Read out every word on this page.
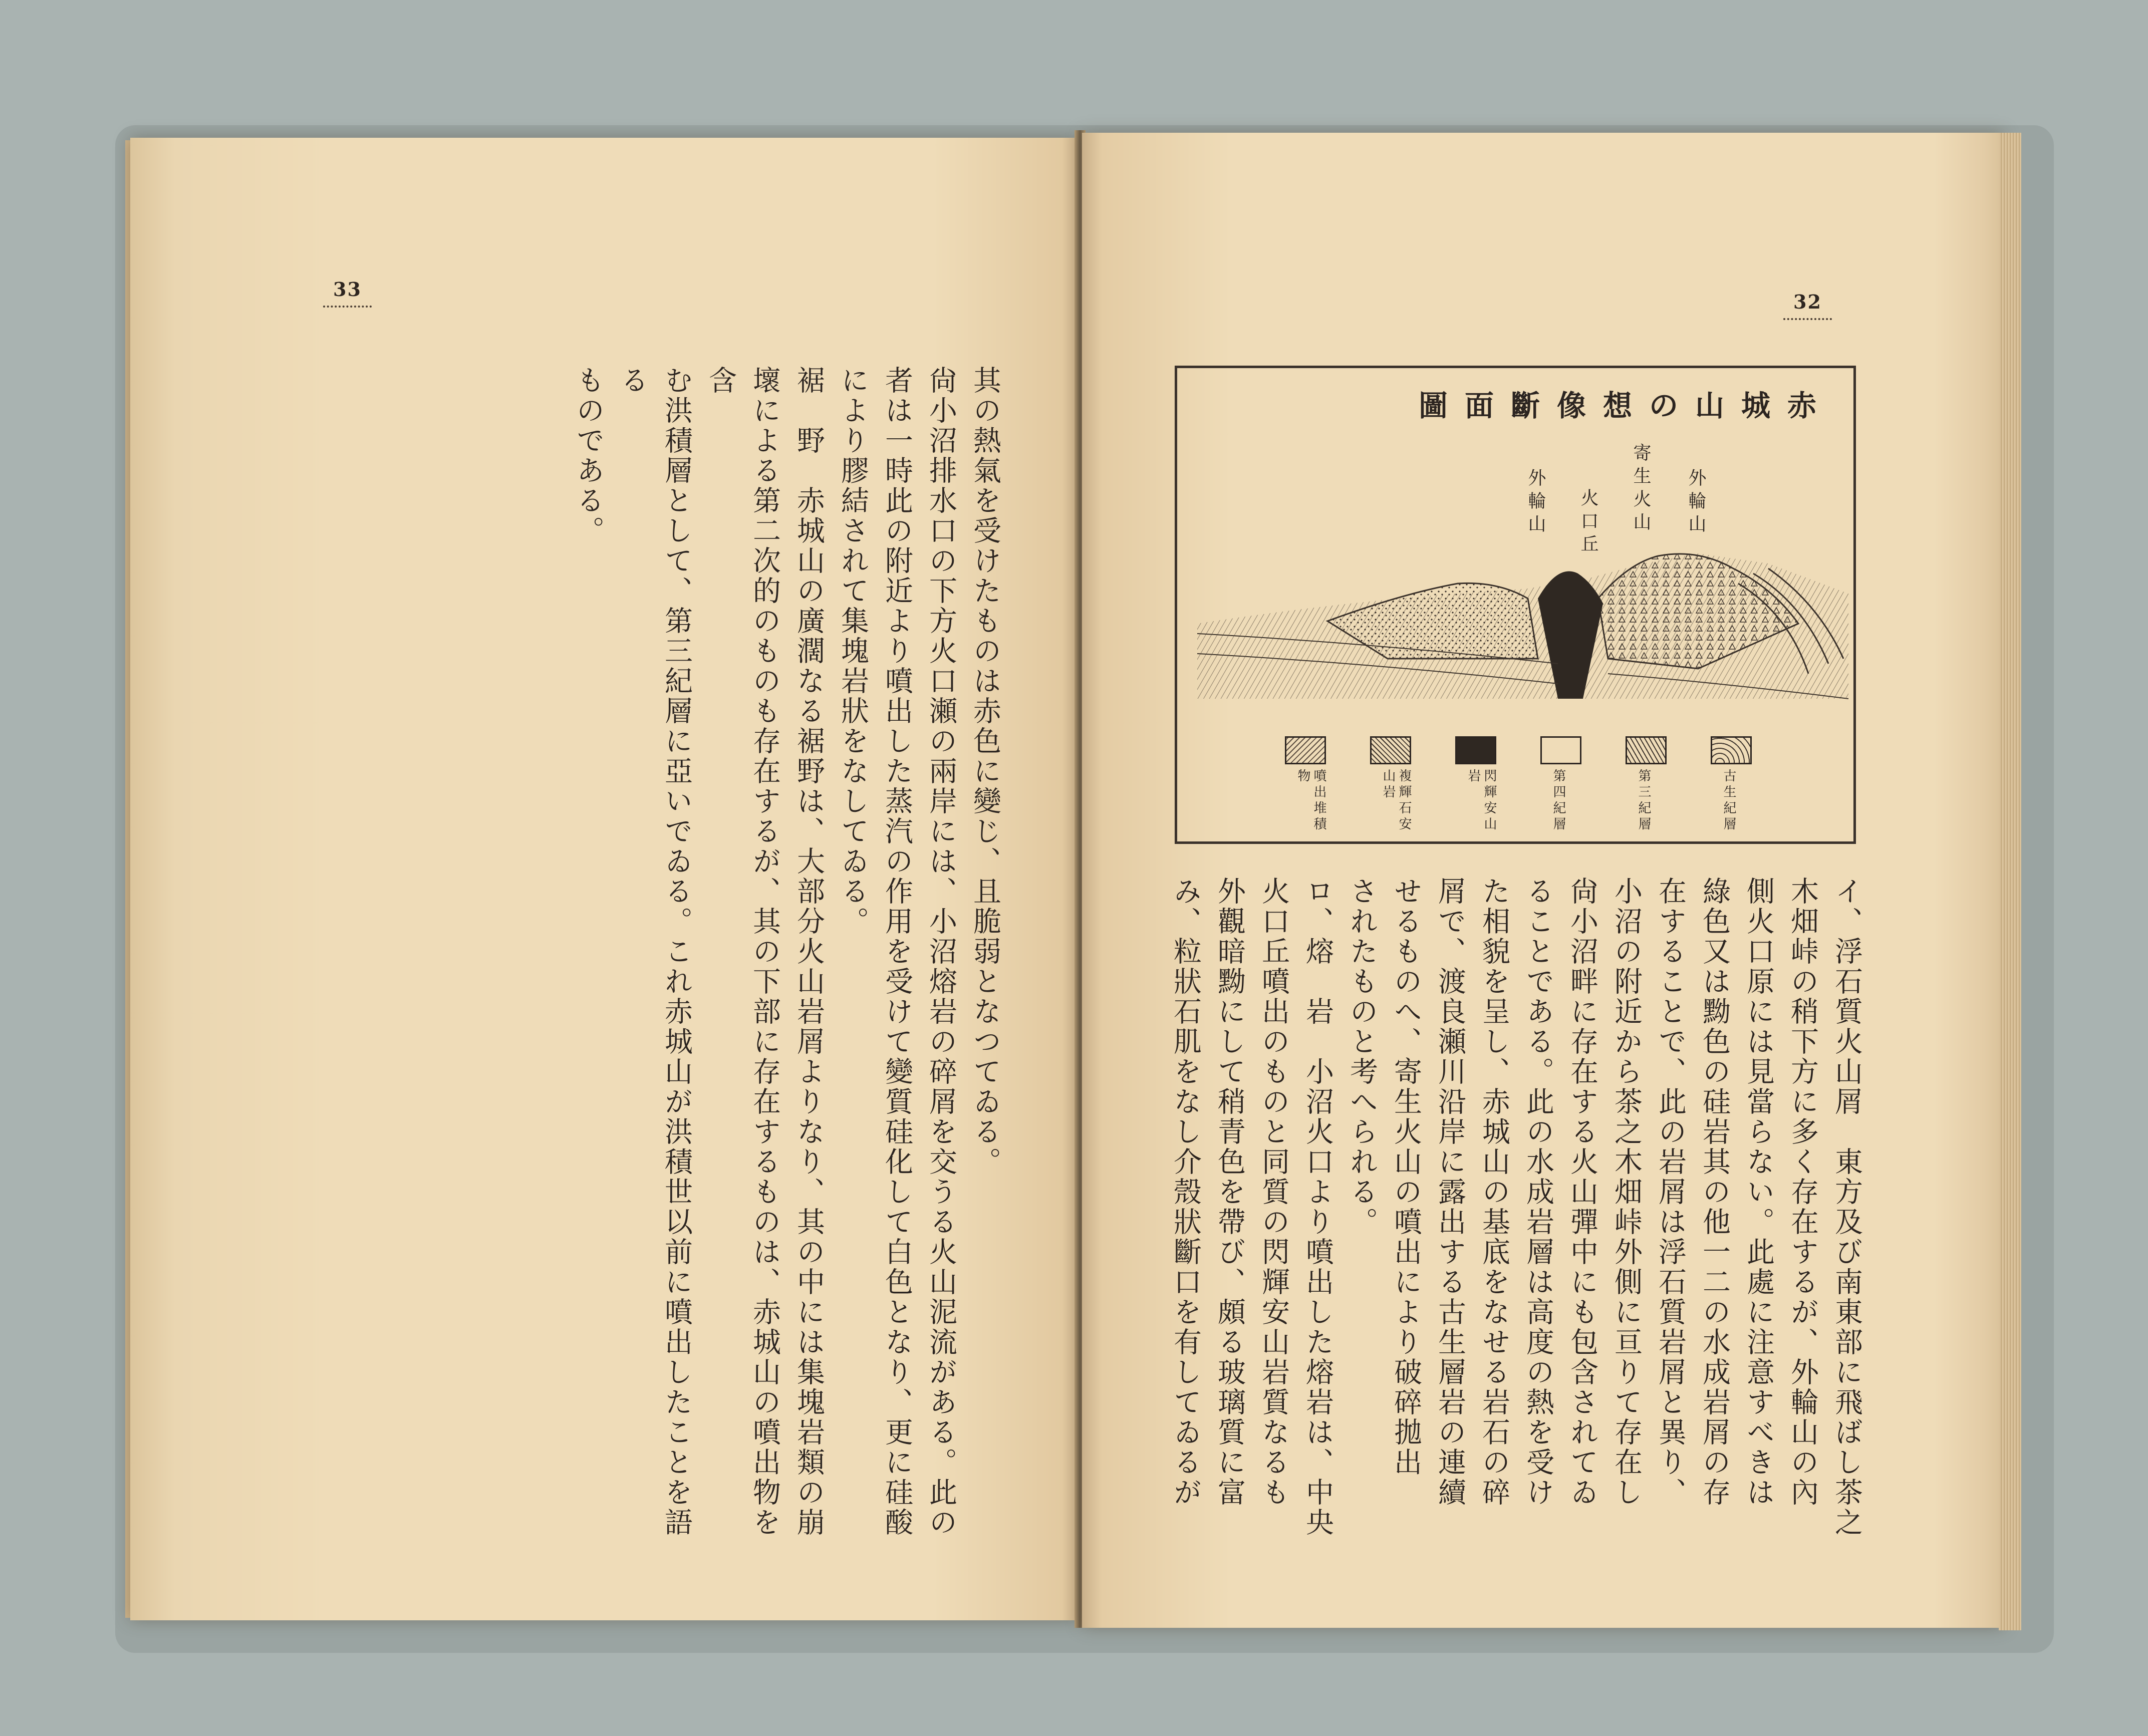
33
32

其の熱氣を受けたものは赤色に變じ、且脆弱となつてゐる。

尙小沼排水口の下方火口瀬の兩岸には、小沼熔岩の碎屑を交うる火山泥流がある。此の

者は一時此の附近より噴出した蒸汽の作用を受けて變質硅化して白色となり、更に硅酸

により膠結されて集塊岩狀をなしてゐる。

裾　野　赤城山の廣濶なる裾野は、大部分火山岩屑よりなり、其の中には集塊岩類の崩

壞による第二次的のものも存在するが、其の下部に存在するものは、赤城山の噴出物を含

む洪積層として、第三紀層に亞いでゐる。これ赤城山が洪積世以前に噴出したことを語る

ものである。	赤城山の想像斷面圖
外輪山
寄生火山
火口丘
外輪山
古生紀層
第三紀層
第四紀層
閃輝安山岩
複輝石安山岩
噴出堆積物

イ、浮石質火山屑　東方及び南東部に飛ばし茶之

木畑峠の稍下方に多く存在するが、外輪山の內

側火口原には見當らない。此處に注意すべきは

綠色又は黝色の硅岩其の他一二の水成岩屑の存

在することで、此の岩屑は浮石質岩屑と異り、

小沼の附近から茶之木畑峠外側に亘りて存在し

尙小沼畔に存在する火山彈中にも包含されてゐ

ることである。此の水成岩層は高度の熱を受け

た相貌を呈し、赤城山の基底をなせる岩石の碎

屑で、渡良瀬川沿岸に露出する古生層岩の連續

せるものへ、寄生火山の噴出により破碎拋出

されたものと考へられる。

ロ、熔　岩　小沼火口より噴出した熔岩は、中央

火口丘噴出のものと同質の閃輝安山岩質なるも

外觀暗黝にして稍青色を帶び、頗る玻璃質に富

み、粒狀石肌をなし介殼狀斷口を有してゐるが
